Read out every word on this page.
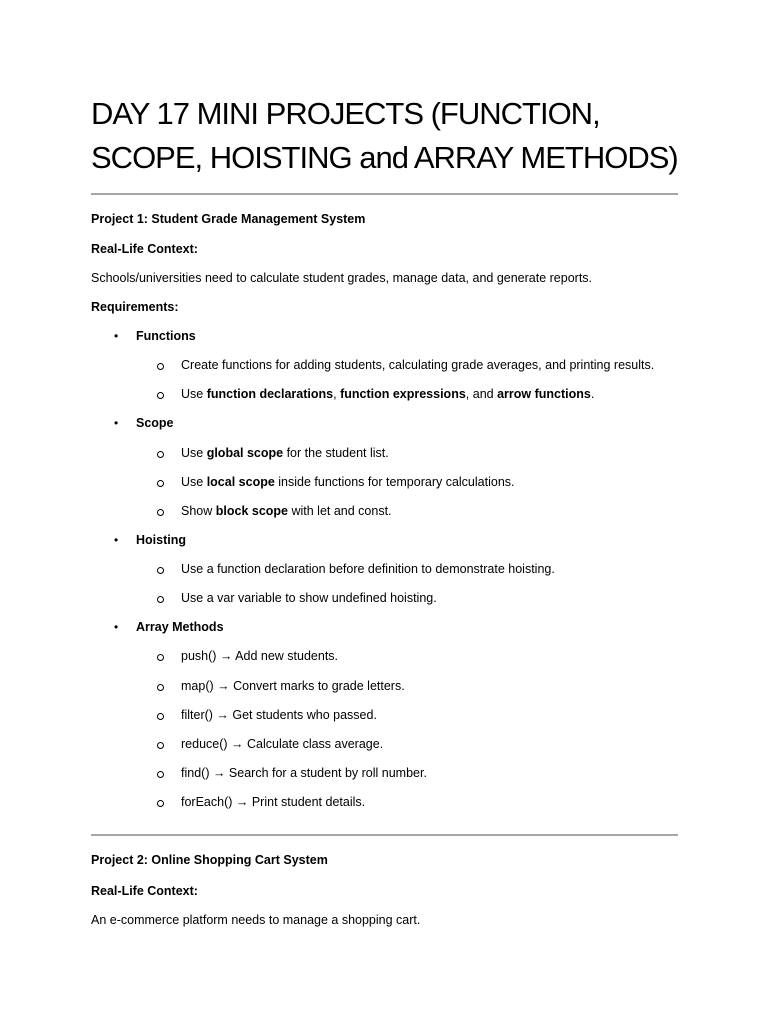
DAY 17 MINI PROJECTS (FUNCTION, SCOPE, HOISTING and ARRAY METHODS)

Project 1: Student Grade Management System

Real-Life Context:

Schools/universities need to calculate student grades, manage data, and generate reports.

Requirements:

• Functions

Create functions for adding students, calculating grade averages, and printing results.

Use function declarations, function expressions, and arrow functions.

• Scope

Use global scope for the student list.

Use local scope inside functions for temporary calculations.

Show block scope with let and const.

• Hoisting

Use a function declaration before definition to demonstrate hoisting.

Use a var variable to show undefined hoisting.

• Array Methods

push() → Add new students.

map() → Convert marks to grade letters.

filter() → Get students who passed.

reduce() → Calculate class average.

find() → Search for a student by roll number.

forEach() → Print student details.

Project 2: Online Shopping Cart System

Real-Life Context:

An e-commerce platform needs to manage a shopping cart.
